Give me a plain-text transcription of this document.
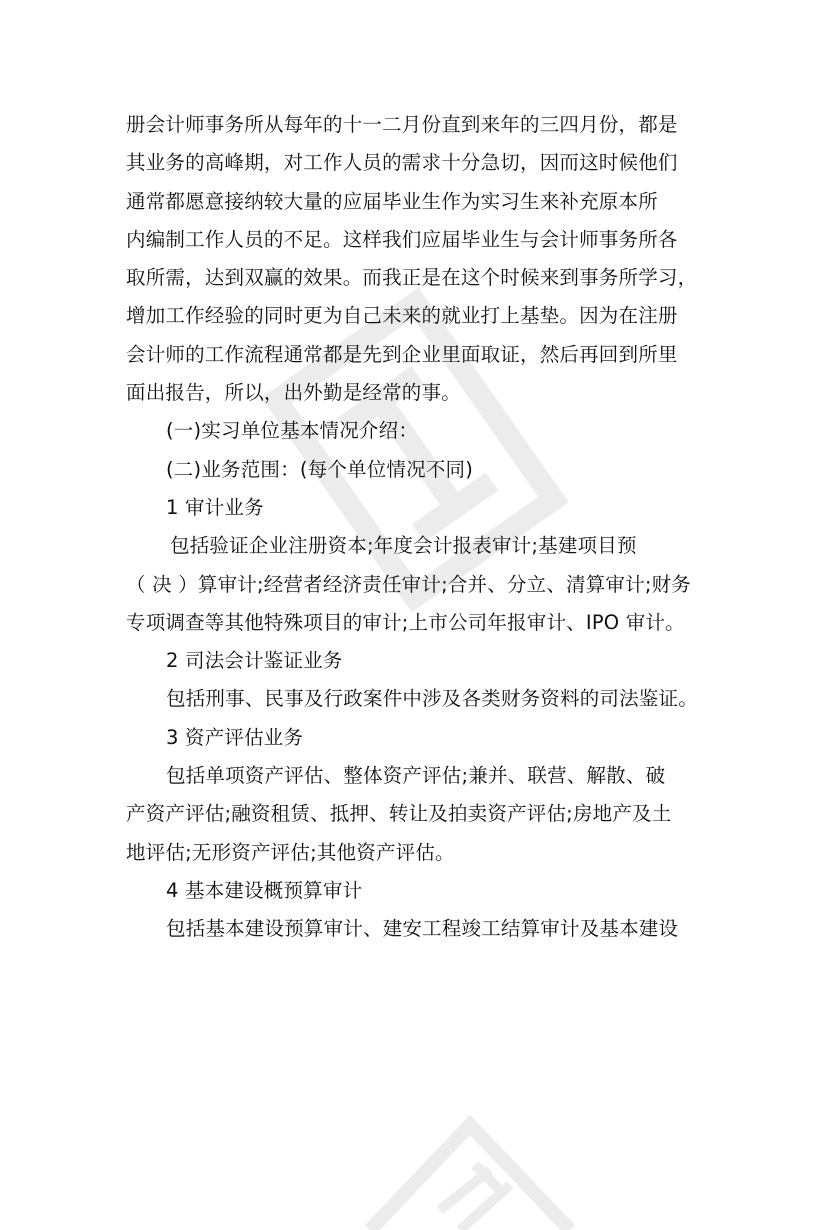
册会计师事务所从每年的十一二月份直到来年的三四月份，都是
其业务的高峰期，对工作人员的需求十分急切，因而这时候他们
通常都愿意接纳较大量的应届毕业生作为实习生来补充原本所
内编制工作人员的不足。这样我们应届毕业生与会计师事务所各
取所需，达到双赢的效果。而我正是在这个时候来到事务所学习，
增加工作经验的同时更为自己未来的就业打上基垫。因为在注册
会计师的工作流程通常都是先到企业里面取证，然后再回到所里
面出报告，所以，出外勤是经常的事。
(一)实习单位基本情况介绍：
(二)业务范围：(每个单位情况不同)
1 审计业务
包括验证企业注册资本;年度会计报表审计;基建项目预
（ 决 ）算审计;经营者经济责任审计;合并、分立、清算审计;财务
专项调查等其他特殊项目的审计;上市公司年报审计、IPO 审计。
2 司法会计鉴证业务
包括刑事、民事及行政案件中涉及各类财务资料的司法鉴证。
3 资产评估业务
包括单项资产评估、整体资产评估;兼并、联营、解散、破
产资产评估;融资租赁、抵押、转让及拍卖资产评估;房地产及土
地评估;无形资产评估;其他资产评估。
4 基本建设概预算审计
包括基本建设预算审计、建安工程竣工结算审计及基本建设
